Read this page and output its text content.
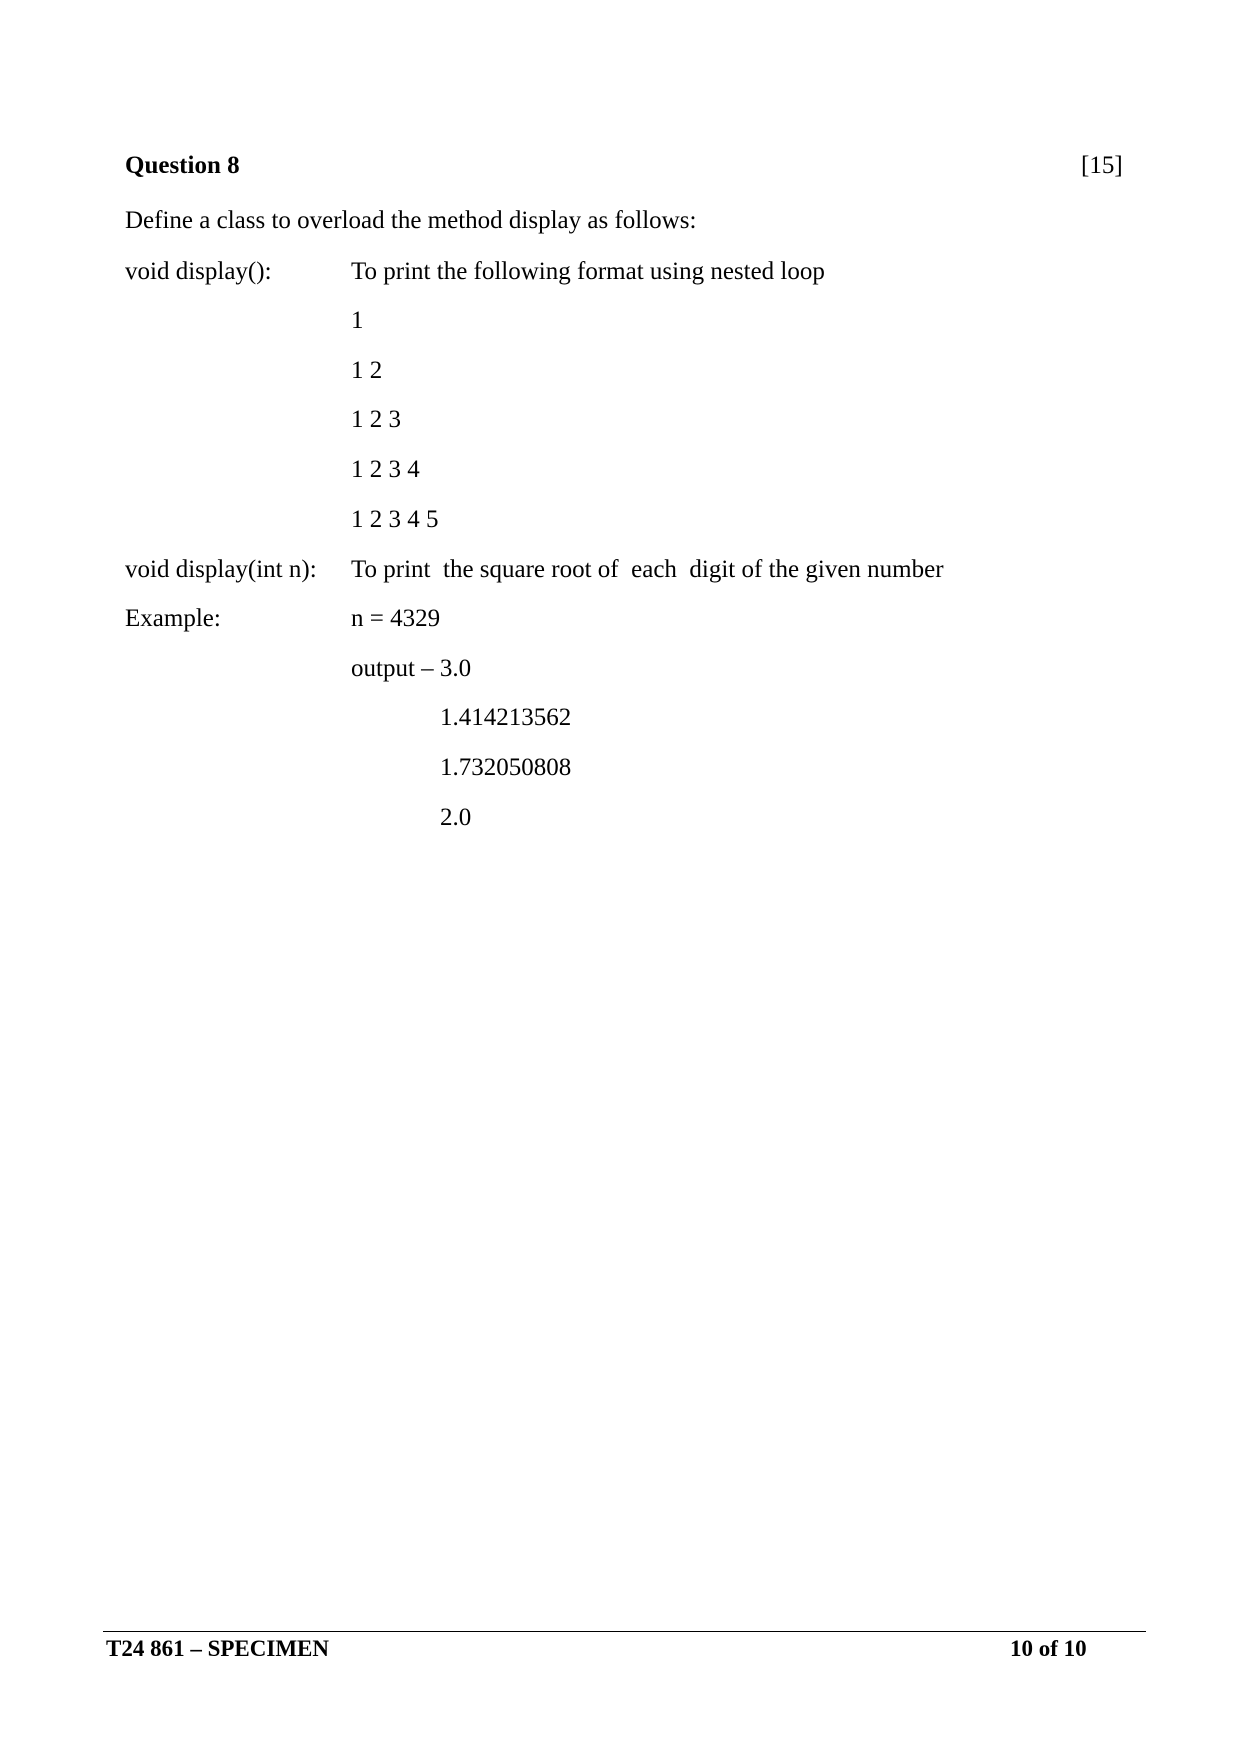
Question 8	[15]
Define a class to overload the method display as follows:
void display():	To print the following format using nested loop
1
1 2
1 2 3
1 2 3 4
1 2 3 4 5
void display(int n): To print  the square root of  each  digit of the given number
Example:	n = 4329
output – 3.0
1.414213562
1.732050808
2.0
T24 861 – SPECIMEN	10 of 10
